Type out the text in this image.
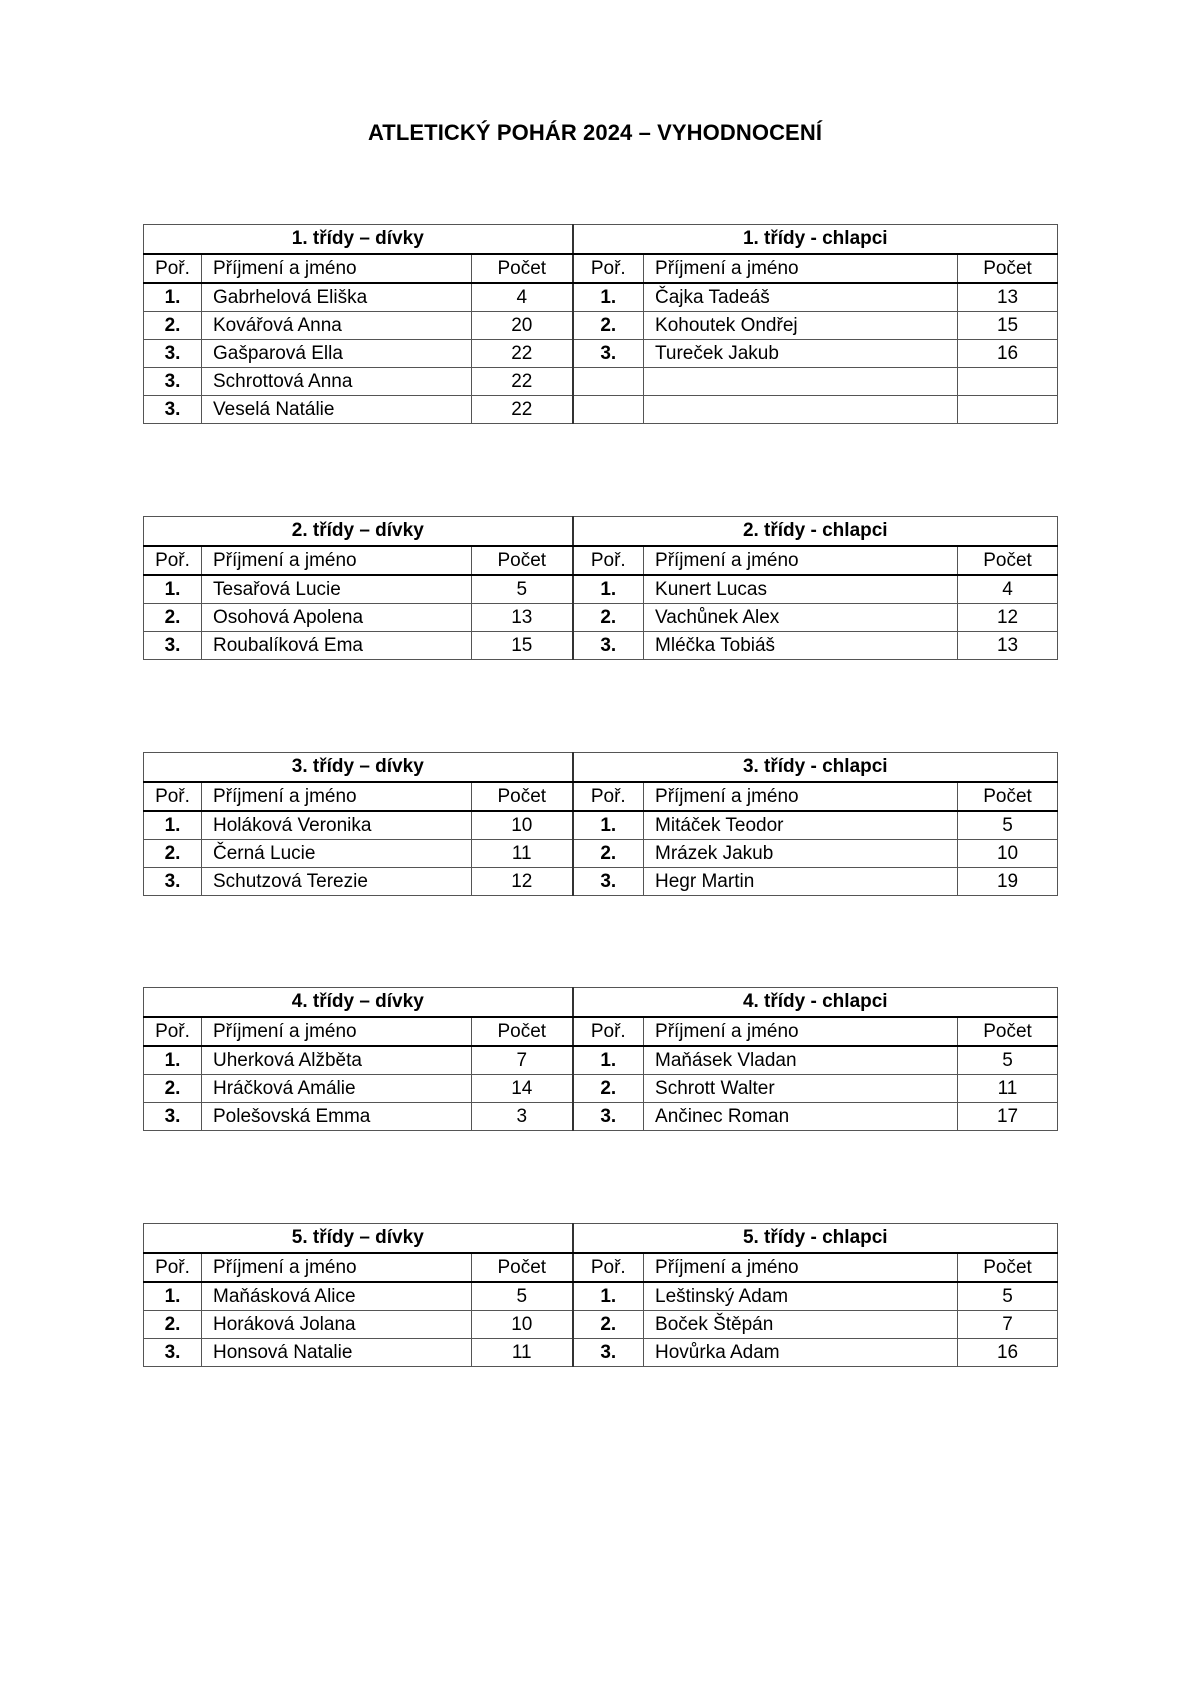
ATLETICKÝ POHÁR 2024 – VYHODNOCENÍ
1. třídy – dívky			1. třídy - chlapci		
Poř.	Příjmení a jméno	Počet	Poř.	Příjmení a jméno	Počet
1.	Gabrhelová Eliška	4	1.	Čajka Tadeáš	13
2.	Kovářová Anna	20	2.	Kohoutek Ondřej	15
3.	Gašparová Ella	22	3.	Tureček Jakub	16
3.	Schrottová Anna	22			
3.	Veselá Natálie	22			
2. třídy – dívky			2. třídy - chlapci		
Poř.	Příjmení a jméno	Počet	Poř.	Příjmení a jméno	Počet
1.	Tesařová Lucie	5	1.	Kunert Lucas	4
2.	Osohová Apolena	13	2.	Vachůnek Alex	12
3.	Roubalíková Ema	15	3.	Mléčka Tobiáš	13
3. třídy – dívky			3. třídy - chlapci		
Poř.	Příjmení a jméno	Počet	Poř.	Příjmení a jméno	Počet
1.	Holáková Veronika	10	1.	Mitáček Teodor	5
2.	Černá Lucie	11	2.	Mrázek Jakub	10
3.	Schutzová Terezie	12	3.	Hegr Martin	19
4. třídy – dívky			4. třídy - chlapci		
Poř.	Příjmení a jméno	Počet	Poř.	Příjmení a jméno	Počet
1.	Uherková Alžběta	7	1.	Maňásek Vladan	5
2.	Hráčková Amálie	14	2.	Schrott Walter	11
3.	Polešovská Emma	3	3.	Ančinec Roman	17
5. třídy – dívky			5. třídy - chlapci		
Poř.	Příjmení a jméno	Počet	Poř.	Příjmení a jméno	Počet
1.	Maňásková Alice	5	1.	Leštinský Adam	5
2.	Horáková Jolana	10	2.	Boček Štěpán	7
3.	Honsová Natalie	11	3.	Hovůrka Adam	16
